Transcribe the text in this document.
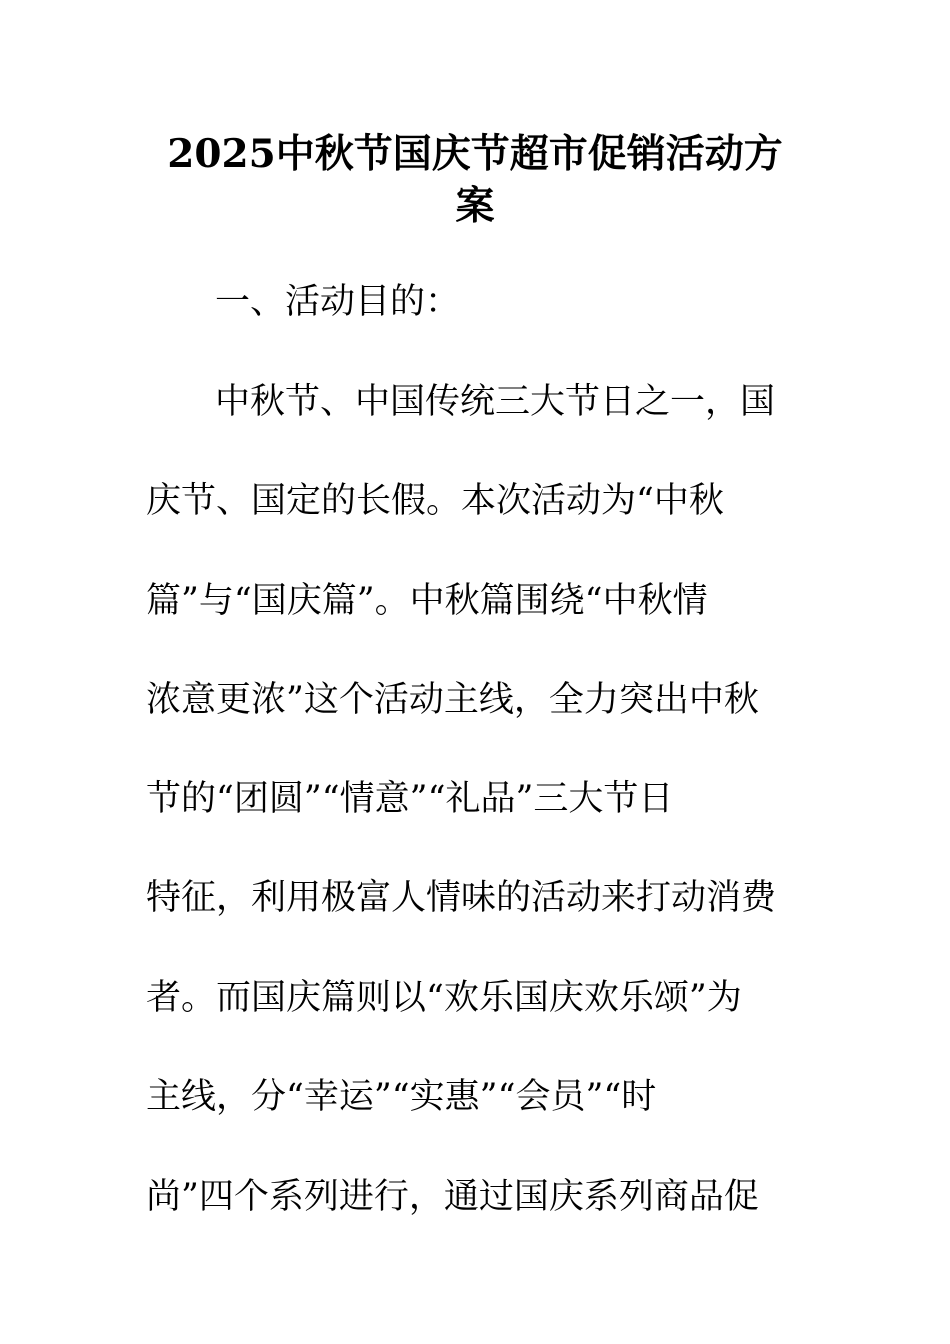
2025中秋节国庆节超市促销活动方
案
一、活动目的：
中秋节、中国传统三大节日之一，国
庆节、国定的长假。本次活动为“中秋
篇”与“国庆篇”。中秋篇围绕“中秋情
浓意更浓”这个活动主线，全力突出中秋
节的“团圆”“情意”“礼品”三大节日
特征，利用极富人情味的活动来打动消费
者。而国庆篇则以“欢乐国庆欢乐颂”为
主线，分“幸运”“实惠”“会员”“时
尚”四个系列进行，通过国庆系列商品促
